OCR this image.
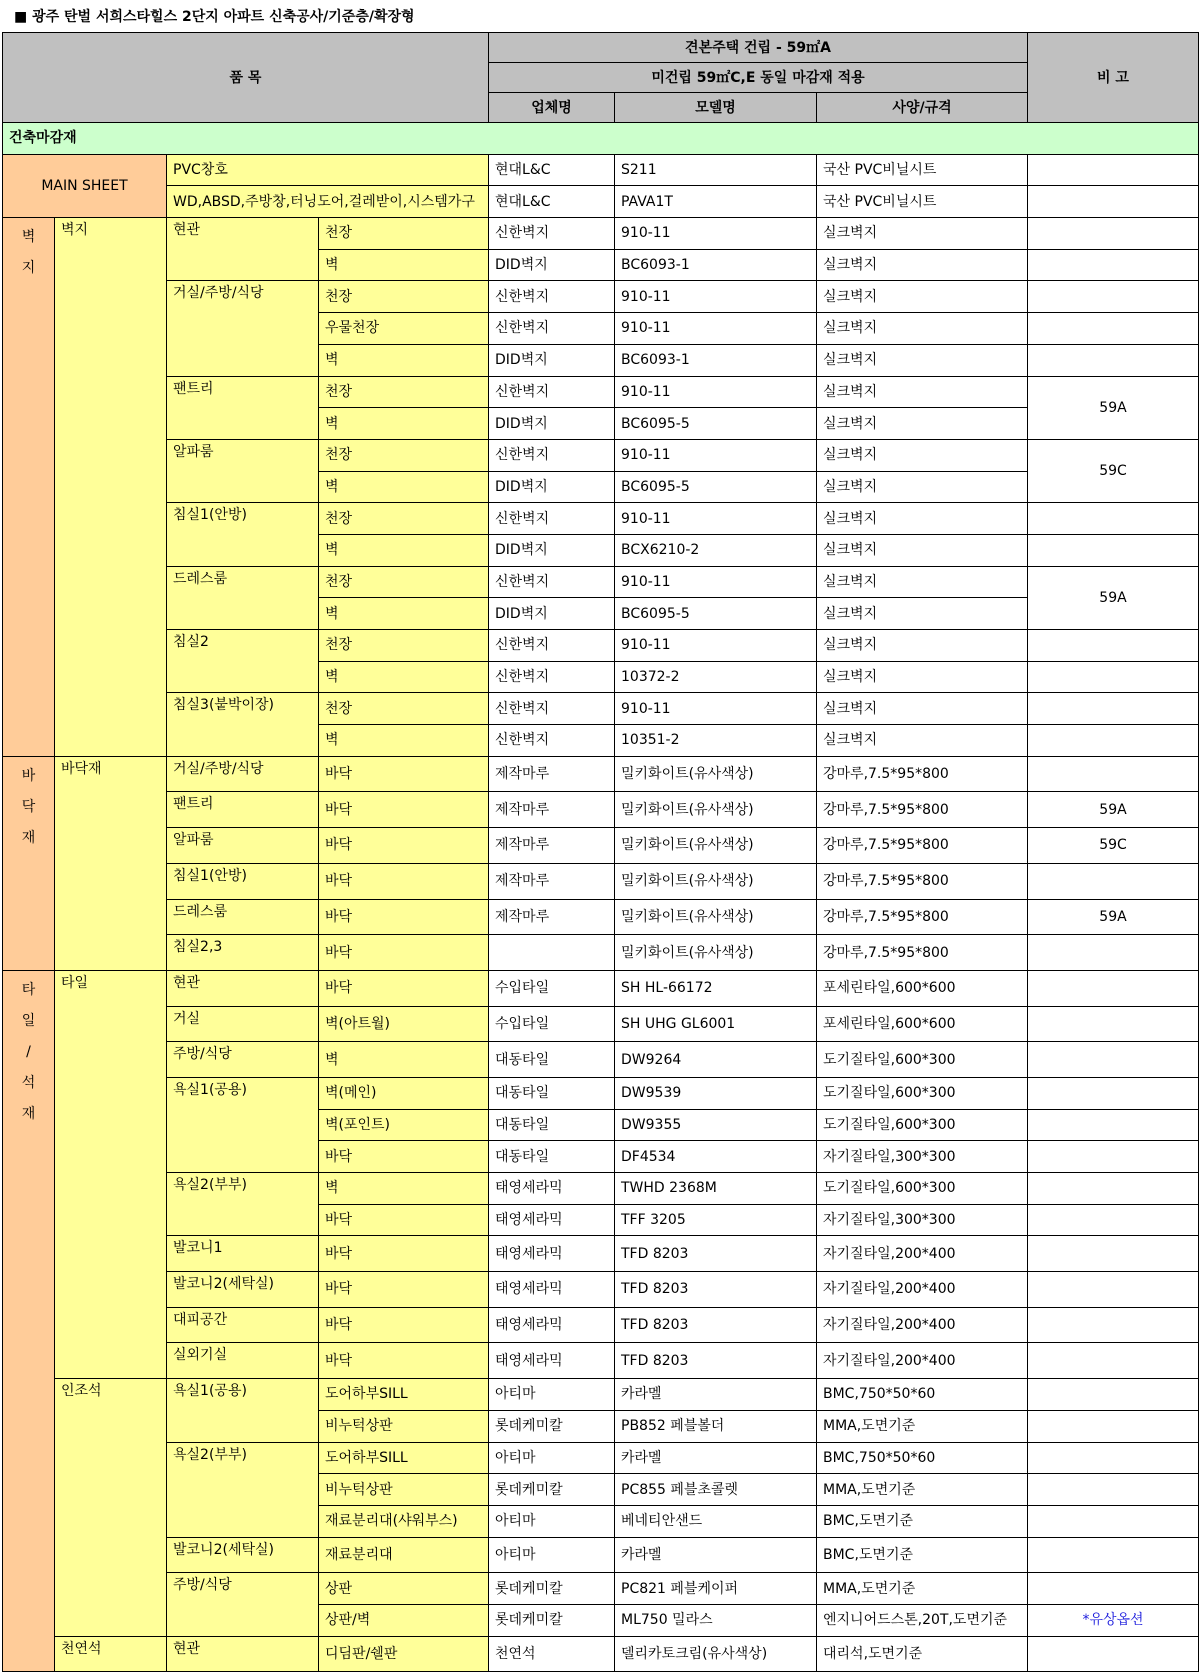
■ 광주 탄벌 서희스타힐스 2단지 아파트 신축공사/기준층/확장형
품 목				견본주택 건립 - 59㎡A			비 고
				미건립 59㎡C,E 동일 마감재 적용			
				업체명	모델명	사양/규격	
건축마감재							
MAIN SHEET		PVC창호		현대L&C	S211	국산 PVC비닐시트	
		WD,ABSD,주방창,터닝도어,걸레받이,시스템가구		현대L&C	PAVA1T	국산 PVC비닐시트	

벽
지	벽지	현관	천장	신한벽지	910-11	실크벽지	
			벽	DID벽지	BC6093-1	실크벽지	
		거실/주방/식당	천장	신한벽지	910-11	실크벽지	
			우물천장	신한벽지	910-11	실크벽지	
			벽	DID벽지	BC6093-1	실크벽지	
		팬트리	천장	신한벽지	910-11	실크벽지	59A
			벽	DID벽지	BC6095-5	실크벽지	
		알파룸	천장	신한벽지	910-11	실크벽지	59C
			벽	DID벽지	BC6095-5	실크벽지	
		침실1(안방)	천장	신한벽지	910-11	실크벽지	
			벽	DID벽지	BCX6210-2	실크벽지	
		드레스룸	천장	신한벽지	910-11	실크벽지	59A
			벽	DID벽지	BC6095-5	실크벽지	
		침실2	천장	신한벽지	910-11	실크벽지	
			벽	신한벽지	10372-2	실크벽지	
		침실3(붙박이장)	천장	신한벽지	910-11	실크벽지	
			벽	신한벽지	10351-2	실크벽지	

바
닥
재	바닥재	거실/주방/식당	바닥	제작마루	밀키화이트(유사색상)	강마루,7.5*95*800	
		팬트리	바닥	제작마루	밀키화이트(유사색상)	강마루,7.5*95*800	59A
		알파룸	바닥	제작마루	밀키화이트(유사색상)	강마루,7.5*95*800	59C
		침실1(안방)	바닥	제작마루	밀키화이트(유사색상)	강마루,7.5*95*800	
		드레스룸	바닥	제작마루	밀키화이트(유사색상)	강마루,7.5*95*800	59A
		침실2,3	바닥		밀키화이트(유사색상)	강마루,7.5*95*800	

타
일
/
석
재	타일	현관	바닥	수입타일	SH HL-66172	포세린타일,600*600	
		거실	벽(아트월)	수입타일	SH UHG GL6001	포세린타일,600*600	
		주방/식당	벽	대동타일	DW9264	도기질타일,600*300	
		욕실1(공용)	벽(메인)	대동타일	DW9539	도기질타일,600*300	
			벽(포인트)	대동타일	DW9355	도기질타일,600*300	
			바닥	대동타일	DF4534	자기질타일,300*300	
		욕실2(부부)	벽	태영세라믹	TWHD 2368M	도기질타일,600*300	
			바닥	태영세라믹	TFF 3205	자기질타일,300*300	
		발코니1	바닥	태영세라믹	TFD 8203	자기질타일,200*400	
		발코니2(세탁실)	바닥	태영세라믹	TFD 8203	자기질타일,200*400	
		대피공간	바닥	태영세라믹	TFD 8203	자기질타일,200*400	
		실외기실	바닥	태영세라믹	TFD 8203	자기질타일,200*400	
	인조석	욕실1(공용)	도어하부SILL	아티마	카라멜	BMC,750*50*60	
			비누턱상판	롯데케미칼	PB852 페블볼더	MMA,도면기준	
		욕실2(부부)	도어하부SILL	아티마	카라멜	BMC,750*50*60	
			비누턱상판	롯데케미칼	PC855 페블초콜렛	MMA,도면기준	
			재료분리대(샤워부스)	아티마	베네티안샌드	BMC,도면기준	
		발코니2(세탁실)	재료분리대	아티마	카라멜	BMC,도면기준	
		주방/식당	상판	롯데케미칼	PC821 페블케이퍼	MMA,도면기준	
			상판/벽	롯데케미칼	ML750 밀라스	엔지니어드스톤,20T,도면기준	*유상옵션
	천연석	현관	디딤판/쉘판	천연석	델리카토크림(유사색상)	대리석,도면기준	
